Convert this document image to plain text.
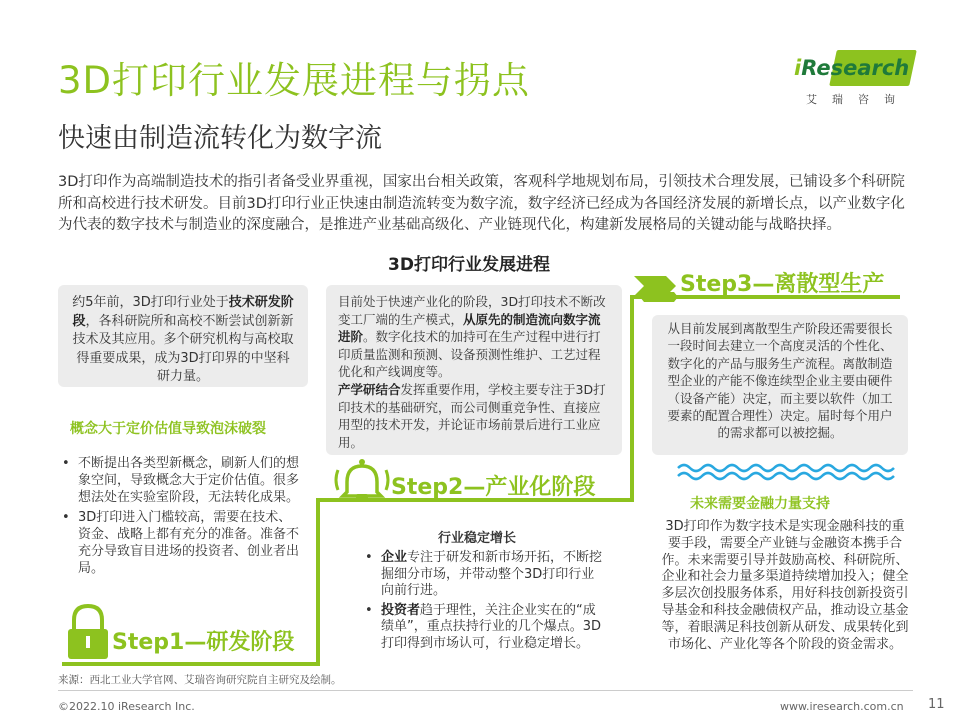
3D打印行业发展进程与拐点
快速由制造流转化为数字流
iResearch
艾瑞咨询
3D打印作为高端制造技术的指引者备受业界重视，国家出台相关政策，客观科学地规划布局，引领技术合理发展，已铺设多个科研院所和高校进行技术研发。目前3D打印行业正快速由制造流转变为数字流，数字经济已经成为各国经济发展的新增长点，以产业数字化为代表的数字技术与制造业的深度融合，是推进产业基础高级化、产业链现代化，构建新发展格局的关键动能与战略抉择。
3D打印行业发展进程
约5年前，3D打印行业处于技术研发阶段，各科研院所和高校不断尝试创新新技术及其应用。多个研究机构与高校取得重要成果，成为3D打印界的中坚科研力量。
目前处于快速产业化的阶段，3D打印技术不断改变工厂端的生产模式，从原先的制造流向数字流进阶。数字化技术的加持可在生产过程中进行打印质量监测和预测、设备预测性维护、工艺过程优化和产线调度等。
产学研结合发挥重要作用，学校主要专注于3D打印技术的基础研究，而公司侧重竞争性、直接应用型的技术开发，并论证市场前景后进行工业应用。
从目前发展到离散型生产阶段还需要很长一段时间去建立一个高度灵活的个性化、数字化的产品与服务生产流程。离散制造型企业的产能不像连续型企业主要由硬件（设备产能）决定，而主要以软件（加工要素的配置合理性）决定。届时每个用户的需求都可以被挖掘。
Step1—研发阶段
Step2—产业化阶段
Step3—离散型生产
概念大于定价估值导致泡沫破裂
• 不断提出各类型新概念，刷新人们的想象空间，导致概念大于定价估值。很多想法处在实验室阶段，无法转化成果。
• 3D打印进入门槛较高，需要在技术、资金、战略上都有充分的准备。准备不充分导致盲目进场的投资者、创业者出局。
行业稳定增长
• 企业专注于研发和新市场开拓，不断挖掘细分市场，并带动整个3D打印行业向前行进。
• 投资者趋于理性，关注企业实在的“成绩单”，重点扶持行业的几个爆点。3D打印得到市场认可，行业稳定增长。
未来需要金融力量支持
3D打印作为数字技术是实现金融科技的重要手段，需要全产业链与金融资本携手合作。未来需要引导并鼓励高校、科研院所、企业和社会力量多渠道持续增加投入；健全多层次创投服务体系，用好科技创新投资引导基金和科技金融债权产品，推动设立基金等，着眼满足科技创新从研发、成果转化到市场化、产业化等各个阶段的资金需求。
来源：西北工业大学官网、艾瑞咨询研究院自主研究及绘制。
©2022.10 iResearch Inc.	www.iresearch.com.cn 11
